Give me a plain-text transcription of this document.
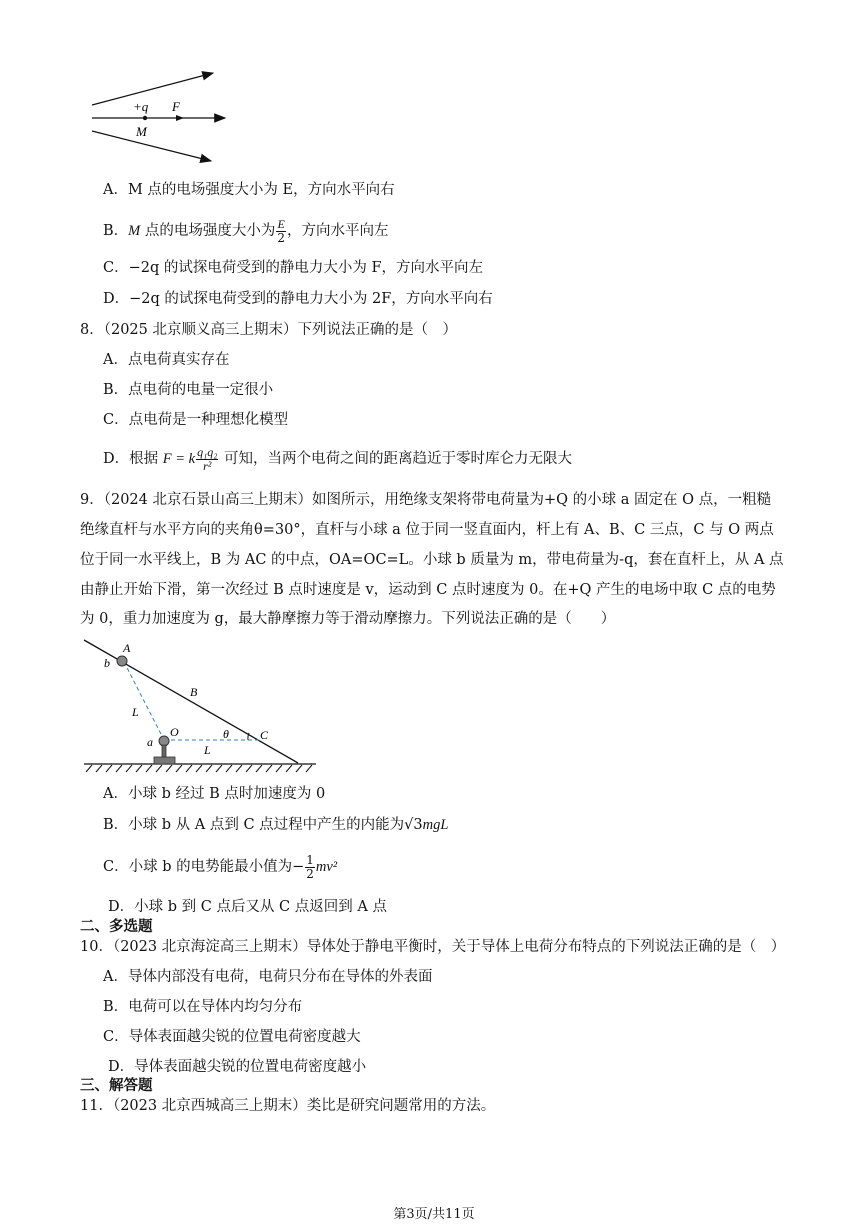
+q F
M
A．M 点的电场强度大小为 E，方向水平向右
B．M 点的电场强度大小为 $\frac{E}{2}$ ，方向水平向左
C．−2q 的试探电荷受到的静电力大小为 F，方向水平向左
D．−2q 的试探电荷受到的静电力大小为 2F，方向水平向右
8．（2025 北京顺义高三上期末）下列说法正确的是（　）
A．点电荷真实存在
B．点电荷的电量一定很小
C．点电荷是一种理想化模型
D．根据 F = k $\frac{\text{q₁q₂}}{\text{r²}}$ 可知，当两个电荷之间的距离趋近于零时库仑力无限大
9．（2024 北京石景山高三上期末）如图所示，用绝缘支架将带电荷量为+Q 的小球 a 固定在 O 点，一粗糙
绝缘直杆与水平方向的夹角θ=30°，直杆与小球 a 位于同一竖直面内，杆上有 A、B、C 三点，C 与 O 两点
位于同一水平线上，B 为 AC 的中点，OA=OC=L。小球 b 质量为 m，带电荷量为-q，套在直杆上，从 A 点
由静止开始下滑，第一次经过 B 点时速度是 v，运动到 C 点时速度为 0。在+Q 产生的电场中取 C 点的电势
为 0，重力加速度为 g，最大静摩擦力等于滑动摩擦力。下列说法正确的是（　　）
A
b
B
L
O	θ	C
a
L
A．小球 b 经过 B 点时加速度为 0
B．小球 b 从 A 点到 C 点过程中产生的内能为√3mgL
C．小球 b 的电势能最小值为− $\frac{1}{2} mv^2$
D．小球 b 到 C 点后又从 C 点返回到 A 点
二、多选题
10．（2023 北京海淀高三上期末）导体处于静电平衡时，关于导体上电荷分布特点的下列说法正确的是（　）
A．导体内部没有电荷，电荷只分布在导体的外表面
B．电荷可以在导体内均匀分布
C．导体表面越尖锐的位置电荷密度越大
D．导体表面越尖锐的位置电荷密度越小
三、解答题
11．（2023 北京西城高三上期末）类比是研究问题常用的方法。
第3页/共11页
